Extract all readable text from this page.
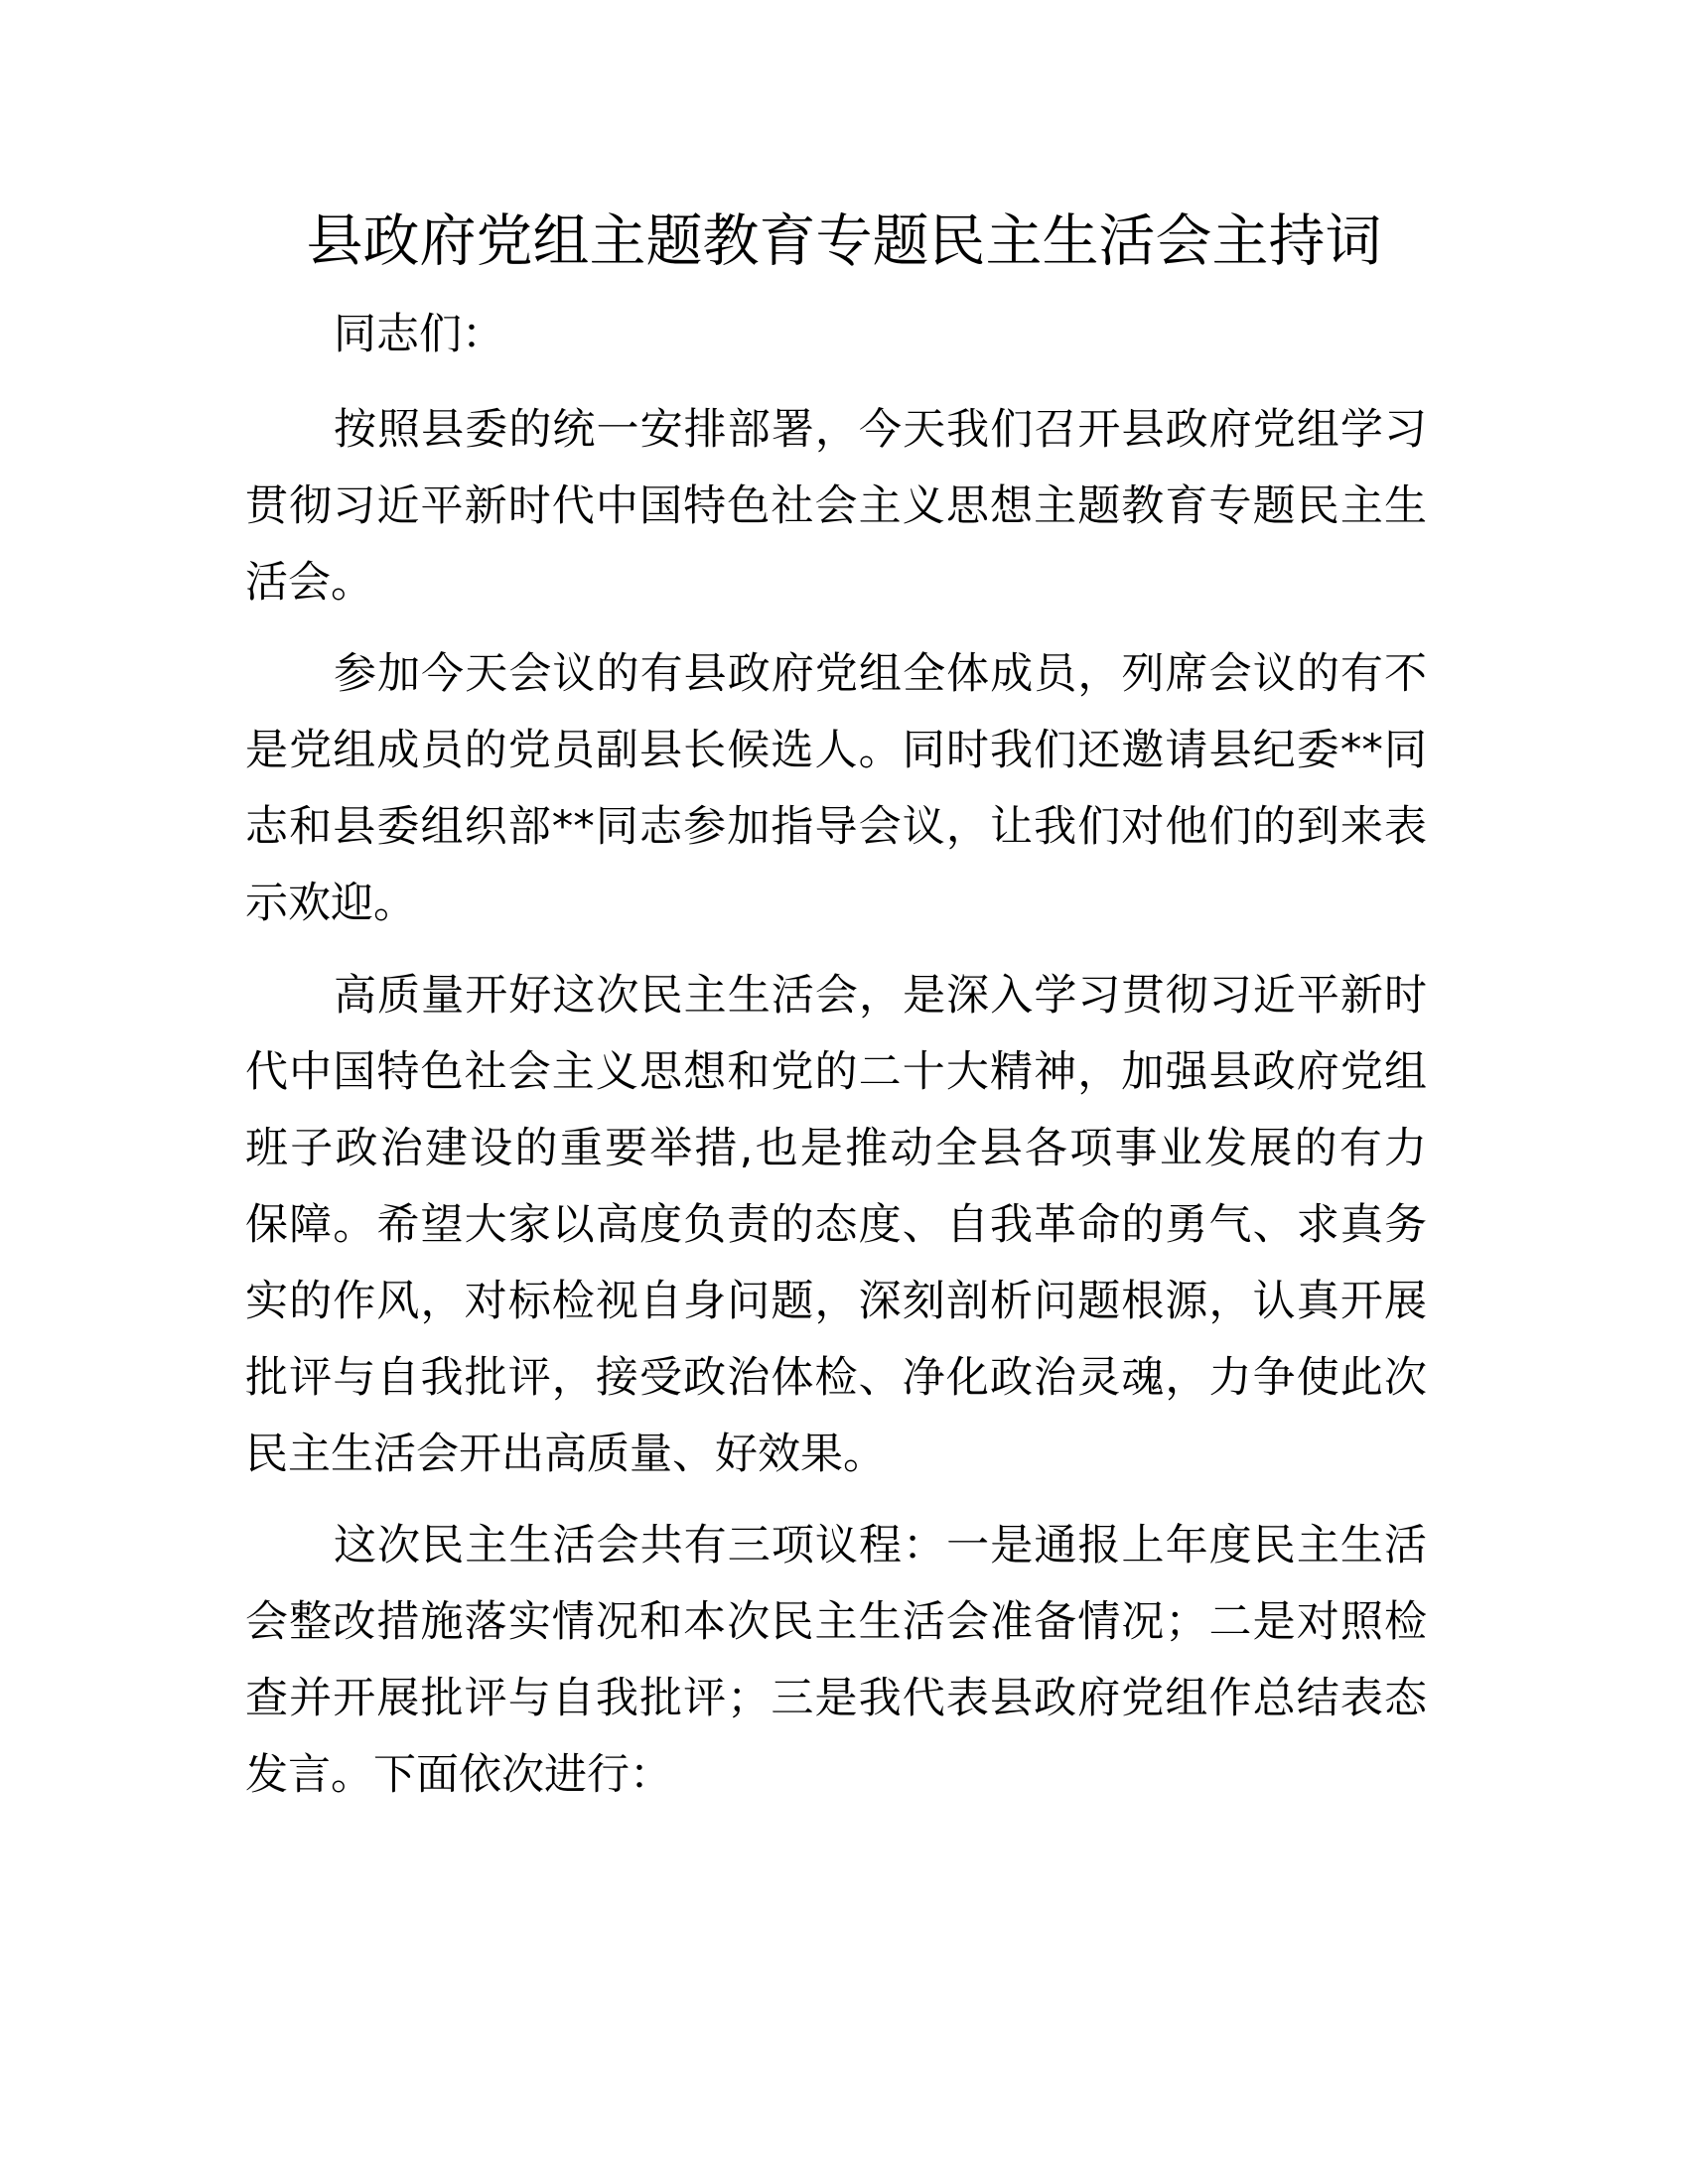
县政府党组主题教育专题民主生活会主持词
同志们：
按照县委的统一安排部署，今天我们召开县政府党组学习
贯彻习近平新时代中国特色社会主义思想主题教育专题民主生
活会。
参加今天会议的有县政府党组全体成员，列席会议的有不
是党组成员的党员副县长候选人。同时我们还邀请县纪委**同
志和县委组织部**同志参加指导会议，让我们对他们的到来表
示欢迎。
高质量开好这次民主生活会，是深入学习贯彻习近平新时
代中国特色社会主义思想和党的二十大精神，加强县政府党组
班子政治建设的重要举措,也是推动全县各项事业发展的有力
保障。希望大家以高度负责的态度、自我革命的勇气、求真务
实的作风，对标检视自身问题，深刻剖析问题根源，认真开展
批评与自我批评，接受政治体检、净化政治灵魂，力争使此次
民主生活会开出高质量、好效果。
这次民主生活会共有三项议程：一是通报上年度民主生活
会整改措施落实情况和本次民主生活会准备情况；二是对照检
查并开展批评与自我批评；三是我代表县政府党组作总结表态
发言。下面依次进行：
